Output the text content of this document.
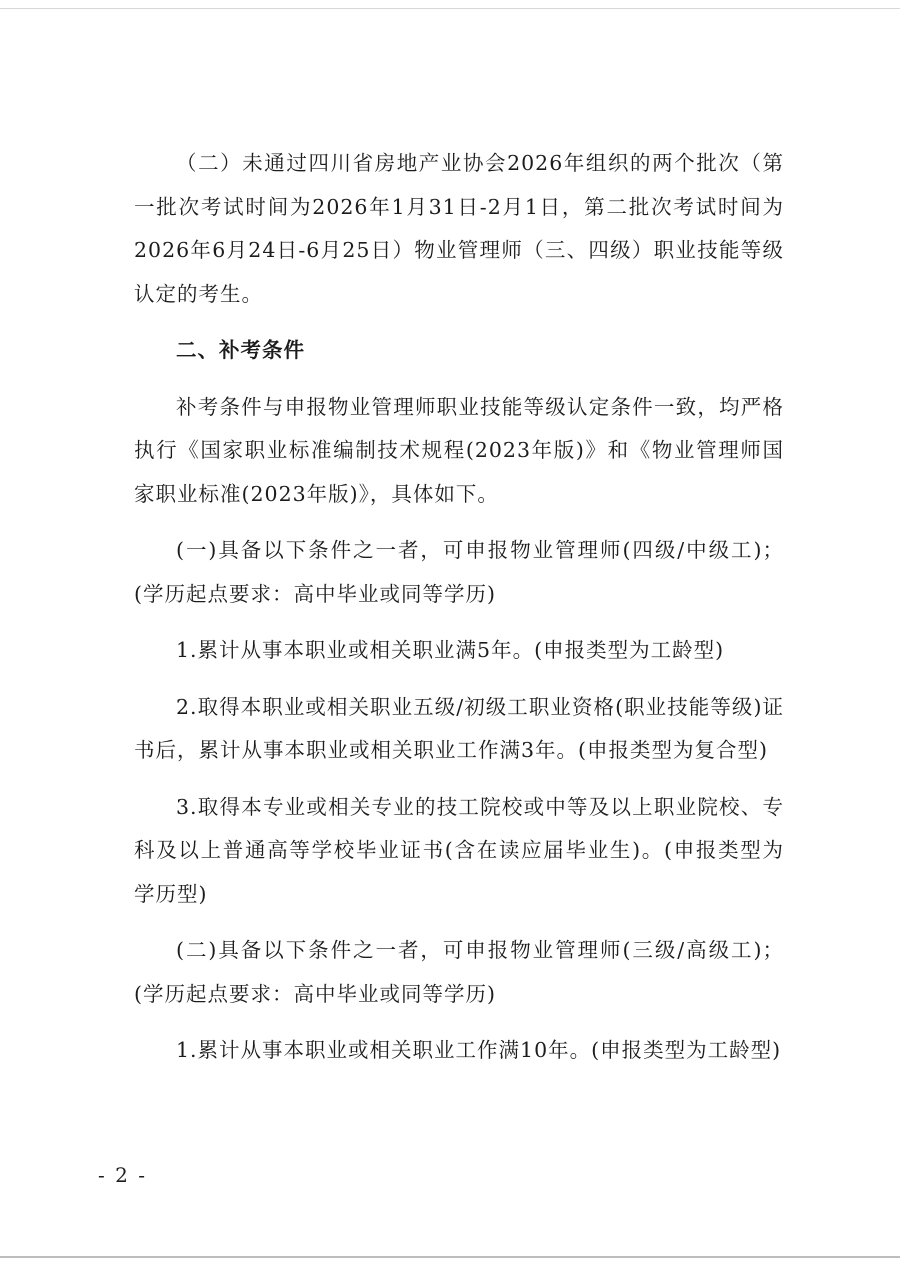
（二）未通过四川省房地产业协会2026年组织的两个批次（第一批次考试时间为2026年1月31日-2月1日，第二批次考试时间为2026年6月24日-6月25日）物业管理师（三、四级）职业技能等级认定的考生。

二、补考条件

补考条件与申报物业管理师职业技能等级认定条件一致，均严格执行《国家职业标准编制技术规程(2023年版)》和《物业管理师国家职业标准(2023年版)》，具体如下。

(一)具备以下条件之一者，可申报物业管理师(四级/中级工)；(学历起点要求：高中毕业或同等学历)

1.累计从事本职业或相关职业满5年。(申报类型为工龄型)

2.取得本职业或相关职业五级/初级工职业资格(职业技能等级)证书后，累计从事本职业或相关职业工作满3年。(申报类型为复合型)

3.取得本专业或相关专业的技工院校或中等及以上职业院校、专科及以上普通高等学校毕业证书(含在读应届毕业生)。(申报类型为学历型)

(二)具备以下条件之一者，可申报物业管理师(三级/高级工)；(学历起点要求：高中毕业或同等学历)

1.累计从事本职业或相关职业工作满10年。(申报类型为工龄型)

- 2 -
